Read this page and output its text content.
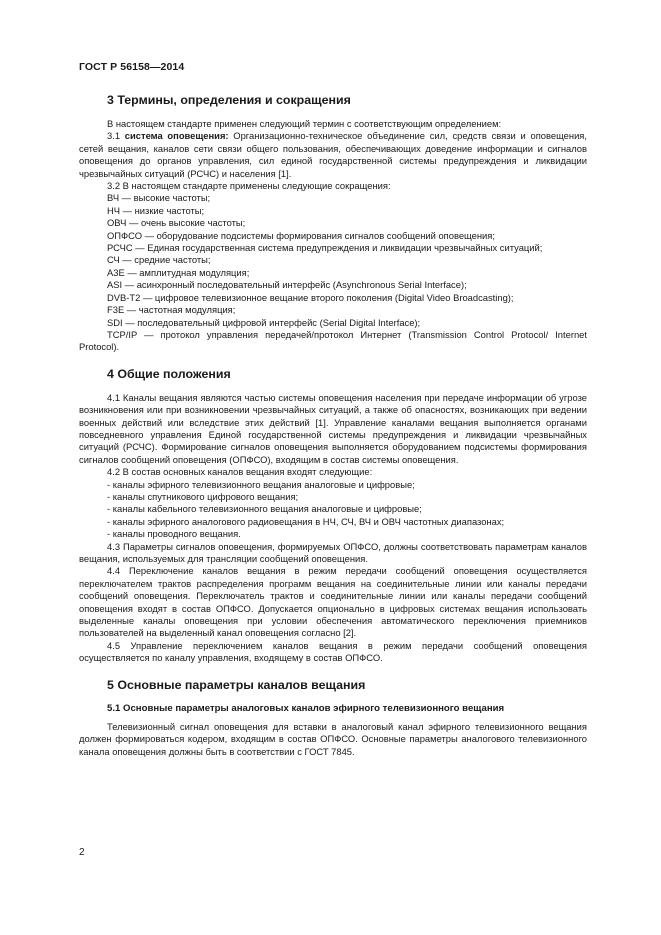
ГОСТ Р 56158—2014
3 Термины, определения и сокращения

В настоящем стандарте применен следующий термин с соответствующим определением:

3.1 система оповещения: Организационно-техническое объединение сил, средств связи и оповещения, сетей вещания, каналов сети связи общего пользования, обеспечивающих доведение информации и сигналов оповещения до органов управления, сил единой государственной системы предупреждения и ликвидации чрезвычайных ситуаций (РСЧС) и населения [1].

3.2 В настоящем стандарте применены следующие сокращения:

ВЧ — высокие частоты;

НЧ — низкие частоты;

ОВЧ — очень высокие частоты;

ОПФСО — оборудование подсистемы формирования сигналов сообщений оповещения;

РСЧС — Единая государственная система предупреждения и ликвидации чрезвычайных ситуаций;

СЧ — средние частоты;

А3Е — амплитудная модуляция;

ASI — асинхронный последовательный интерфейс (Asynchronous Serial Interface);

DVB-T2 — цифровое телевизионное вещание второго поколения (Digital Video Broadcasting);

F3E — частотная модуляция;

SDI — последовательный цифровой интерфейс (Serial Digital Interface);

TCP/IP — протокол управления передачей/протокол Интернет (Transmission Control Protocol/ Internet Protocol).

4 Общие положения

4.1 Каналы вещания являются частью системы оповещения населения при передаче информации об угрозе возникновения или при возникновении чрезвычайных ситуаций, а также об опасностях, возникающих при ведении военных действий или вследствие этих действий [1]. Управление каналами вещания выполняется органами повседневного управления Единой государственной системы предупреждения и ликвидации чрезвычайных ситуаций (РСЧС). Формирование сигналов оповещения выполняется оборудованием подсистемы формирования сигналов сообщений оповещения (ОПФСО), входящим в состав системы оповещения.

4.2 В состав основных каналов вещания входят следующие:

- каналы эфирного телевизионного вещания аналоговые и цифровые;

- каналы спутникового цифрового вещания;

- каналы кабельного телевизионного вещания аналоговые и цифровые;

- каналы эфирного аналогового радиовещания в НЧ, СЧ, ВЧ и ОВЧ частотных диапазонах;

- каналы проводного вещания.

4.3 Параметры сигналов оповещения, формируемых ОПФСО, должны соответствовать параметрам каналов вещания, используемых для трансляции сообщений оповещения.

4.4 Переключение каналов вещания в режим передачи сообщений оповещения осуществляется переключателем трактов распределения программ вещания на соединительные линии или каналы передачи сообщений оповещения. Переключатель трактов и соединительные линии или каналы передачи сообщений оповещения входят в состав ОПФСО. Допускается опционально в цифровых системах вещания использовать выделенные каналы оповещения при условии обеспечения автоматического переключения приемников пользователей на выделенный канал оповещения согласно [2].

4.5 Управление переключением каналов вещания в режим передачи сообщений оповещения осуществляется по каналу управления, входящему в состав ОПФСО.

5 Основные параметры каналов вещания
5.1 Основные параметры аналоговых каналов эфирного телевизионного вещания

Телевизионный сигнал оповещения для вставки в аналоговый канал эфирного телевизионного вещания должен формироваться кодером, входящим в состав ОПФСО. Основные параметры аналогового телевизионного канала оповещения должны быть в соответствии с ГОСТ 7845.

2
